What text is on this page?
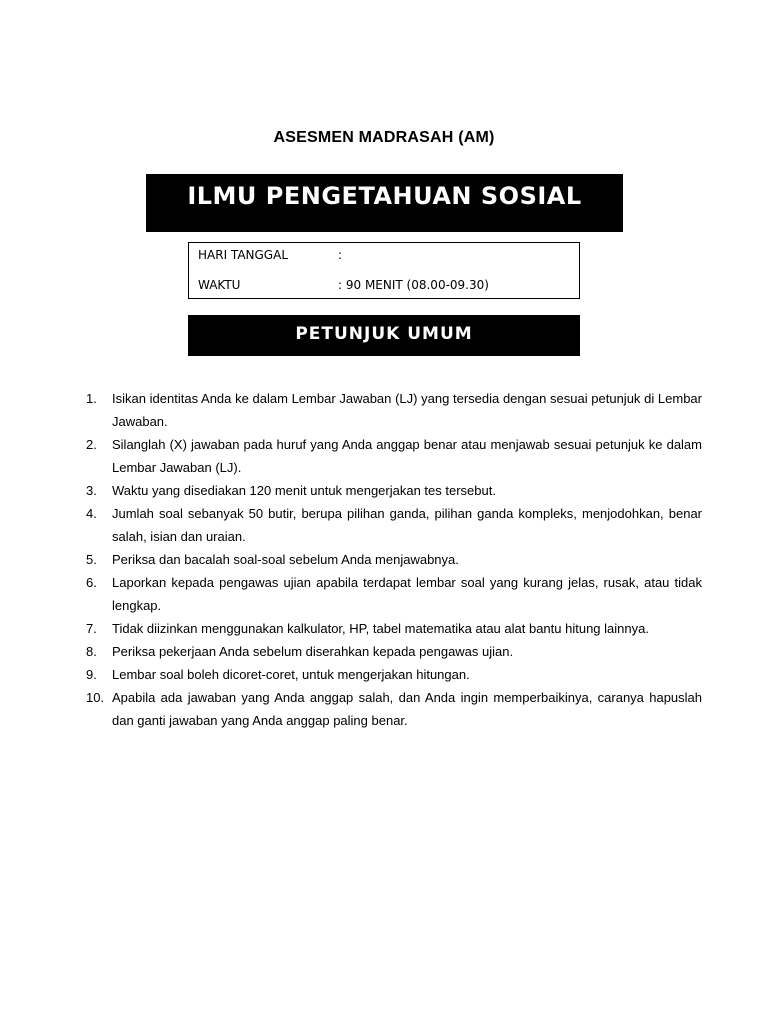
ASESMEN MADRASAH (AM)
ILMU PENGETAHUAN SOSIAL
HARI TANGGAL	:
WAKTU	: 90 MENIT (08.00-09.30)
PETUNJUK UMUM
1.	Isikan identitas Anda ke dalam Lembar Jawaban (LJ) yang tersedia dengan sesuai petunjuk di Lembar Jawaban.
2.	Silanglah (X) jawaban pada huruf yang Anda anggap benar atau menjawab sesuai petunjuk ke dalam Lembar Jawaban (LJ).
3.	Waktu yang disediakan 120 menit untuk mengerjakan tes tersebut.
4.	Jumlah soal sebanyak 50 butir, berupa pilihan ganda, pilihan ganda kompleks, menjodohkan, benar salah, isian dan uraian.
5.	Periksa dan bacalah soal-soal sebelum Anda menjawabnya.
6.	Laporkan kepada pengawas ujian apabila terdapat lembar soal yang kurang jelas, rusak, atau tidak lengkap.
7.	Tidak diizinkan menggunakan kalkulator, HP, tabel matematika atau alat bantu hitung lainnya.
8.	Periksa pekerjaan Anda sebelum diserahkan kepada pengawas ujian.
9.	Lembar soal boleh dicoret-coret, untuk mengerjakan hitungan.
10. Apabila ada jawaban yang Anda anggap salah, dan Anda ingin memperbaikinya, caranya hapuslah dan ganti jawaban yang Anda anggap paling benar.
